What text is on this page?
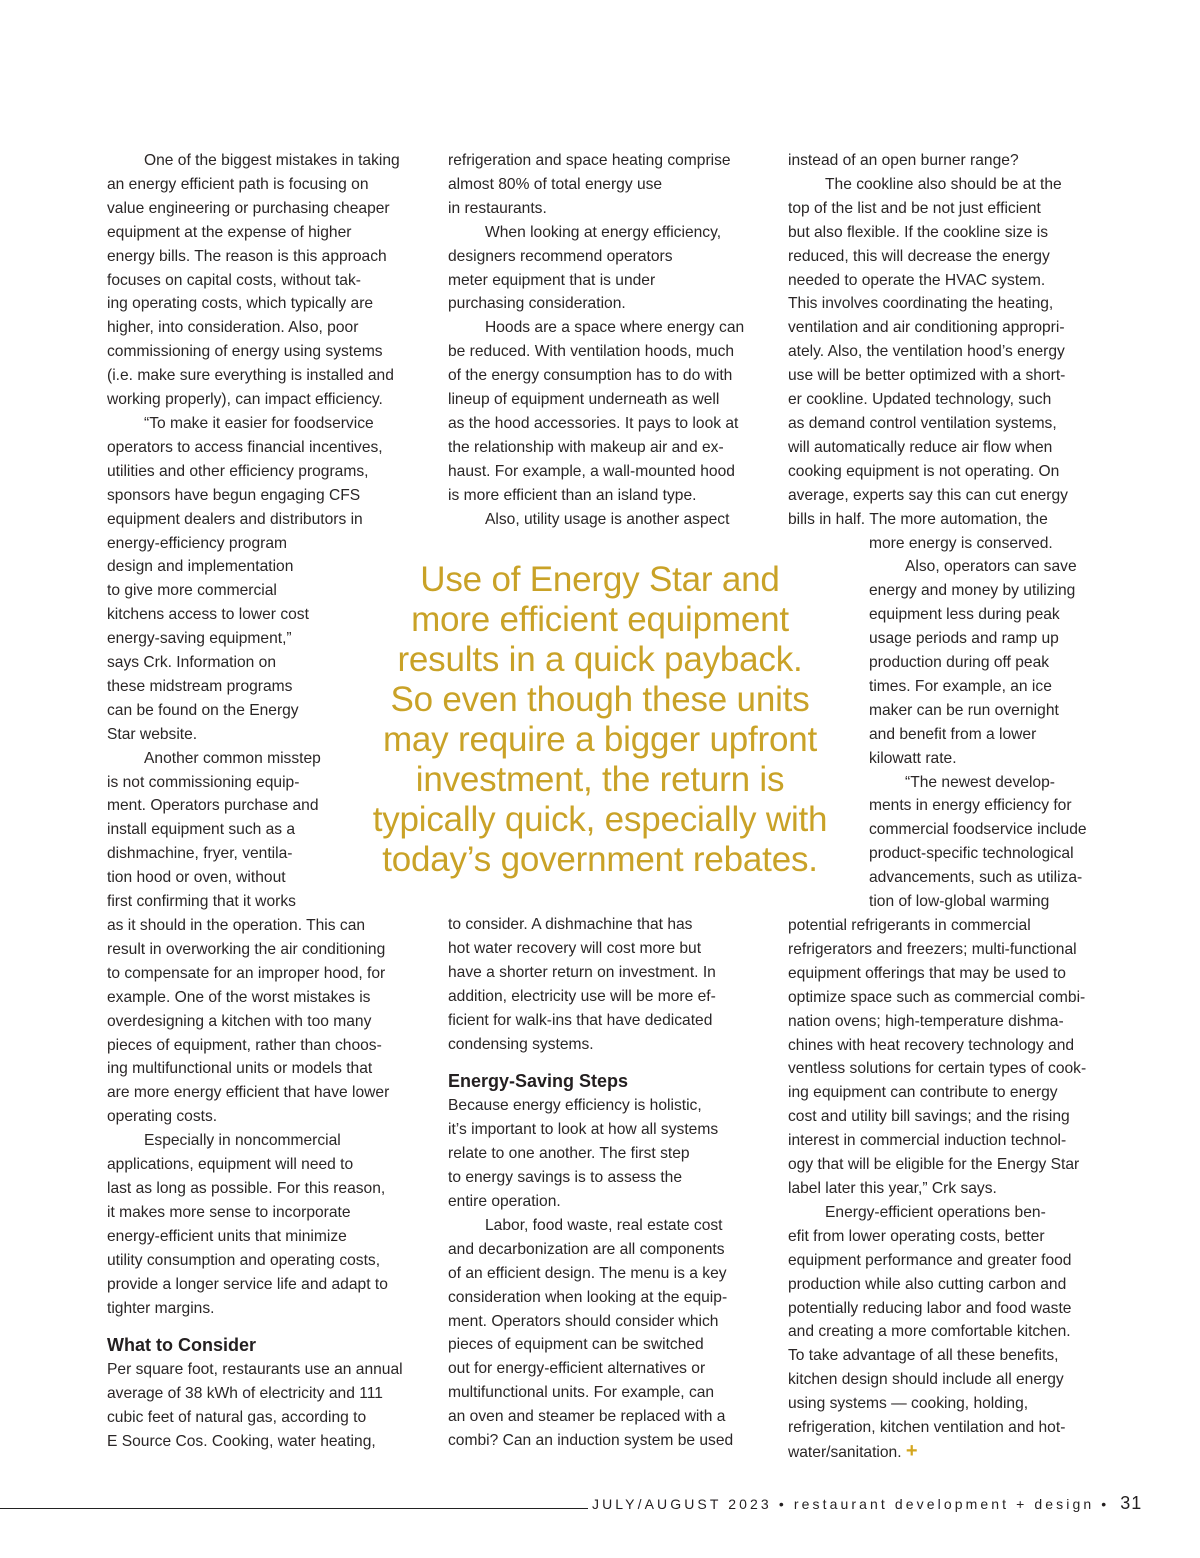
One of the biggest mistakes in taking

an energy efficient path is focusing on

value engineering or purchasing cheaper

equipment at the expense of higher

energy bills. The reason is this approach

focuses on capital costs, without tak-

ing operating costs, which typically are

higher, into consideration. Also, poor

commissioning of energy using systems

(i.e. make sure everything is installed and

working properly), can impact efficiency.

“To make it easier for foodservice

operators to access financial incentives,

utilities and other efficiency programs,

sponsors have begun engaging CFS

equipment dealers and distributors in

energy-efficiency program

design and implementation

to give more commercial

kitchens access to lower cost

energy-saving equipment,”

says Crk. Information on

these midstream programs

can be found on the Energy

Star website.

Another common misstep

is not commissioning equip-

ment. Operators purchase and

install equipment such as a

dishmachine, fryer, ventila-

tion hood or oven, without

first confirming that it works

as it should in the operation. This can

result in overworking the air conditioning

to compensate for an improper hood, for

example. One of the worst mistakes is

overdesigning a kitchen with too many

pieces of equipment, rather than choos-

ing multifunctional units or models that

are more energy efficient that have lower

operating costs.

Especially in noncommercial

applications, equipment will need to

last as long as possible. For this reason,

it makes more sense to incorporate

energy-efficient units that minimize

utility consumption and operating costs,

provide a longer service life and adapt to

tighter margins.

What to Consider

Per square foot, restaurants use an annual

average of 38 kWh of electricity and 111

cubic feet of natural gas, according to

E Source Cos. Cooking, water heating,

refrigeration and space heating comprise

almost 80% of total energy use

in restaurants.

When looking at energy efficiency,

designers recommend operators

meter equipment that is under

purchasing consideration.

Hoods are a space where energy can

be reduced. With ventilation hoods, much

of the energy consumption has to do with

lineup of equipment underneath as well

as the hood accessories. It pays to look at

the relationship with makeup air and ex-

haust. For example, a wall-mounted hood

is more efficient than an island type.

Also, utility usage is another aspect

Use of Energy Star and

more efficient equipment

results in a quick payback.

So even though these units

may require a bigger upfront

investment, the return is

typically quick, especially with

today’s government rebates.

to consider. A dishmachine that has

hot water recovery will cost more but

have a shorter return on investment. In

addition, electricity use will be more ef-

ficient for walk-ins that have dedicated

condensing systems.

Energy-Saving Steps

Because energy efficiency is holistic,

it’s important to look at how all systems

relate to one another. The first step

to energy savings is to assess the

entire operation.

Labor, food waste, real estate cost

and decarbonization are all components

of an efficient design. The menu is a key

consideration when looking at the equip-

ment. Operators should consider which

pieces of equipment can be switched

out for energy-efficient alternatives or

multifunctional units. For example, can

an oven and steamer be replaced with a

combi? Can an induction system be used

instead of an open burner range?

The cookline also should be at the

top of the list and be not just efficient

but also flexible. If the cookline size is

reduced, this will decrease the energy

needed to operate the HVAC system.

This involves coordinating the heating,

ventilation and air conditioning appropri-

ately. Also, the ventilation hood’s energy

use will be better optimized with a short-

er cookline. Updated technology, such

as demand control ventilation systems,

will automatically reduce air flow when

cooking equipment is not operating. On

average, experts say this can cut energy

bills in half. The more automation, the

more energy is conserved.

Also, operators can save

energy and money by utilizing

equipment less during peak

usage periods and ramp up

production during off peak

times. For example, an ice

maker can be run overnight

and benefit from a lower

kilowatt rate.

“The newest develop-

ments in energy efficiency for

commercial foodservice include

product-specific technological

advancements, such as utiliza-

tion of low-global warming

potential refrigerants in commercial

refrigerators and freezers; multi-functional

equipment offerings that may be used to

optimize space such as commercial combi-

nation ovens; high-temperature dishma-

chines with heat recovery technology and

ventless solutions for certain types of cook-

ing equipment can contribute to energy

cost and utility bill savings; and the rising

interest in commercial induction technol-

ogy that will be eligible for the Energy Star

label later this year,” Crk says.

Energy-efficient operations ben-

efit from lower operating costs, better

equipment performance and greater food

production while also cutting carbon and

potentially reducing labor and food waste

and creating a more comfortable kitchen.

To take advantage of all these benefits,

kitchen design should include all energy

using systems — cooking, holding,

refrigeration, kitchen ventilation and hot-

water/sanitation. +

JULY/AUGUST 2023 • restaurant development + design • 31
